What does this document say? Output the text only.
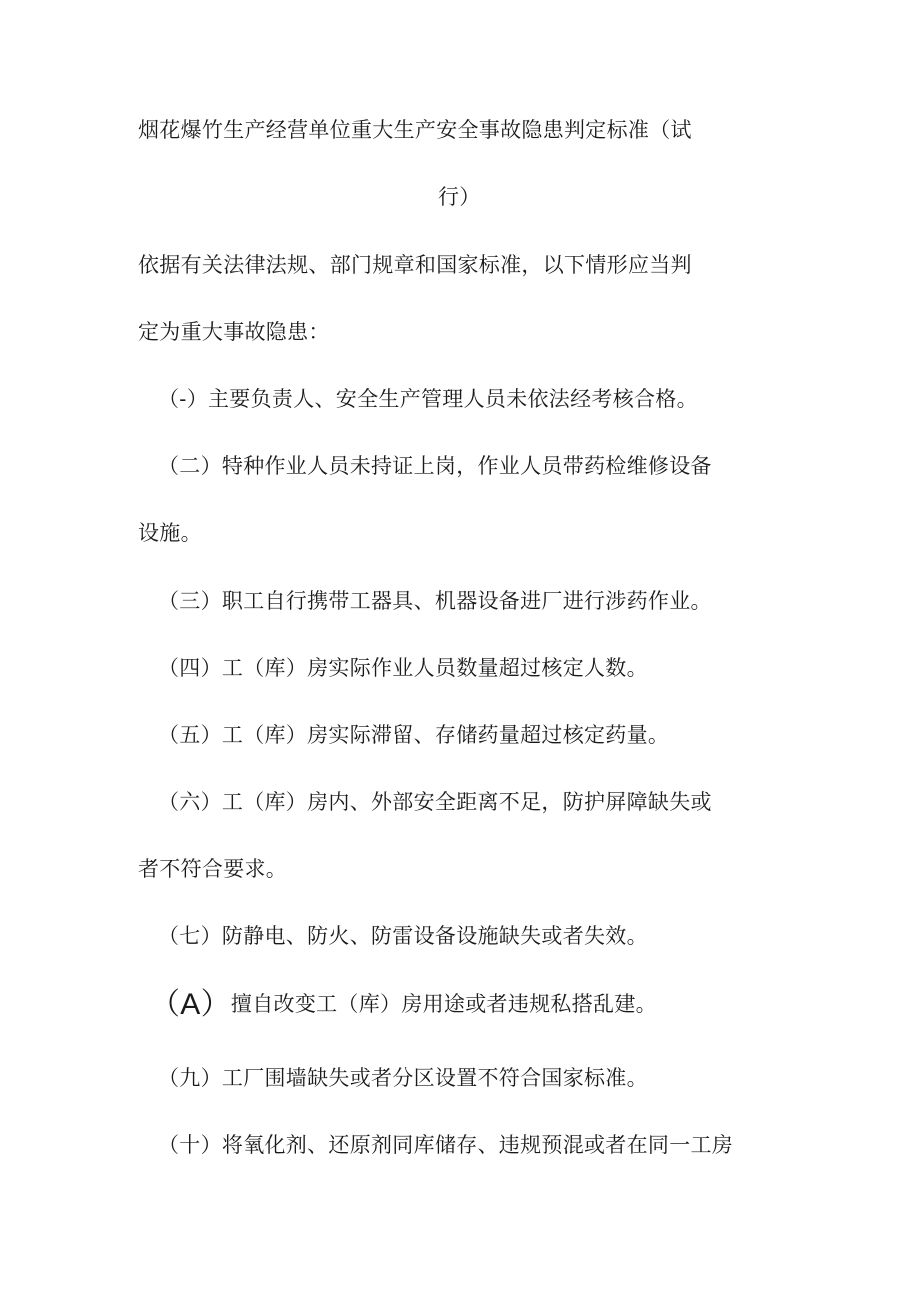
烟花爆竹生产经营单位重大生产安全事故隐患判定标准（试
行）
依据有关法律法规、部门规章和国家标准，以下情形应当判
定为重大事故隐患：
（-）主要负责人、安全生产管理人员未依法经考核合格。
（二）特种作业人员未持证上岗，作业人员带药检维修设备
设施。
（三）职工自行携带工器具、机器设备进厂进行涉药作业。
（四）工（库）房实际作业人员数量超过核定人数。
（五）工（库）房实际滞留、存储药量超过核定药量。
（六）工（库）房内、外部安全距离不足，防护屏障缺失或
者不符合要求。
（七）防静电、防火、防雷设备设施缺失或者失效。
（A）擅自改变工（库）房用途或者违规私搭乱建。
（九）工厂围墙缺失或者分区设置不符合国家标准。
（十）将氧化剂、还原剂同库储存、违规预混或者在同一工房
